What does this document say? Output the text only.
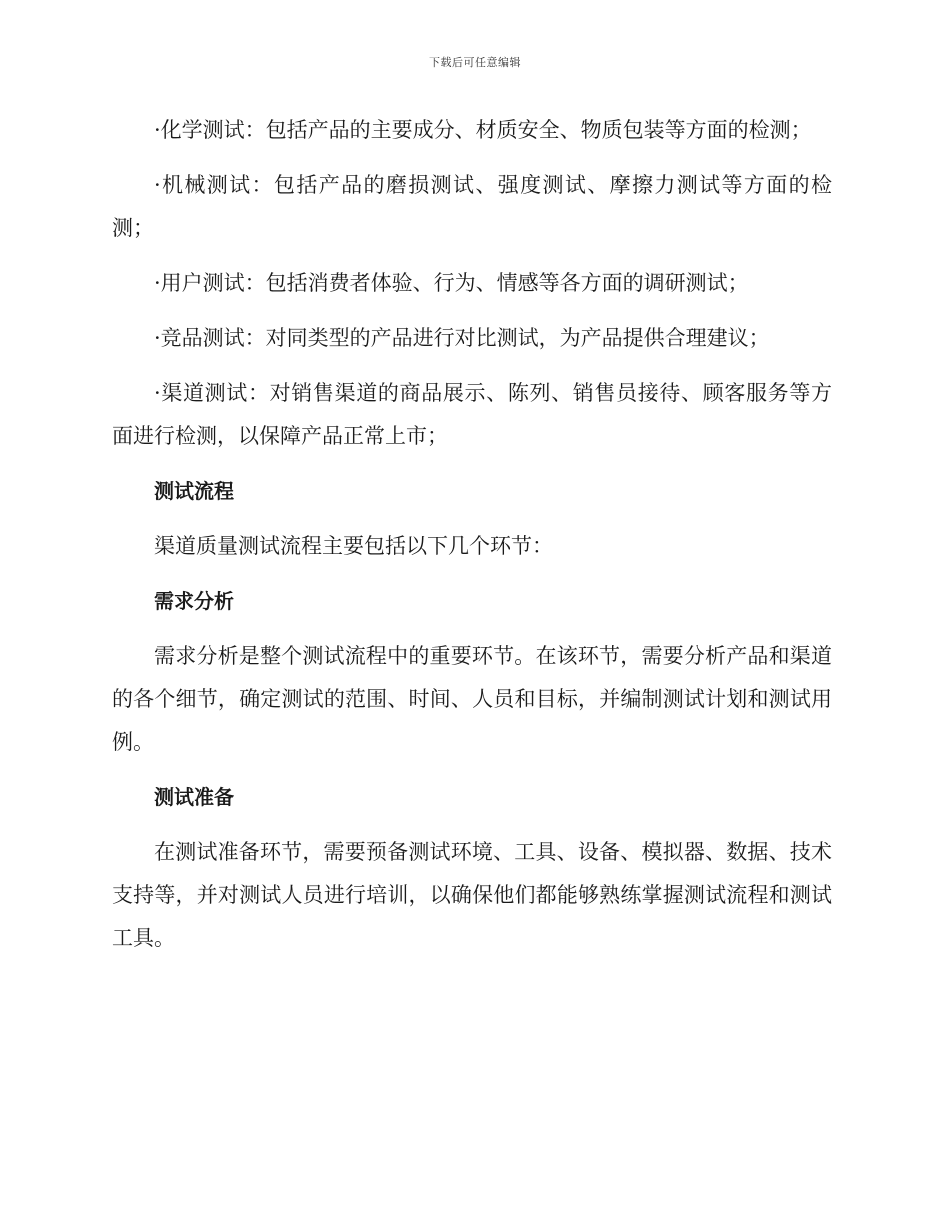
下载后可任意编辑

·化学测试：包括产品的主要成分、材质安全、物质包装等方面的检测；

·机械测试：包括产品的磨损测试、强度测试、摩擦力测试等方面的检测；

·用户测试：包括消费者体验、行为、情感等各方面的调研测试；

·竞品测试：对同类型的产品进行对比测试，为产品提供合理建议；

·渠道测试：对销售渠道的商品展示、陈列、销售员接待、顾客服务等方面进行检测，以保障产品正常上市；

测试流程

渠道质量测试流程主要包括以下几个环节：

需求分析

需求分析是整个测试流程中的重要环节。在该环节，需要分析产品和渠道的各个细节，确定测试的范围、时间、人员和目标，并编制测试计划和测试用例。

测试准备

在测试准备环节，需要预备测试环境、工具、设备、模拟器、数据、技术支持等，并对测试人员进行培训，以确保他们都能够熟练掌握测试流程和测试工具。
